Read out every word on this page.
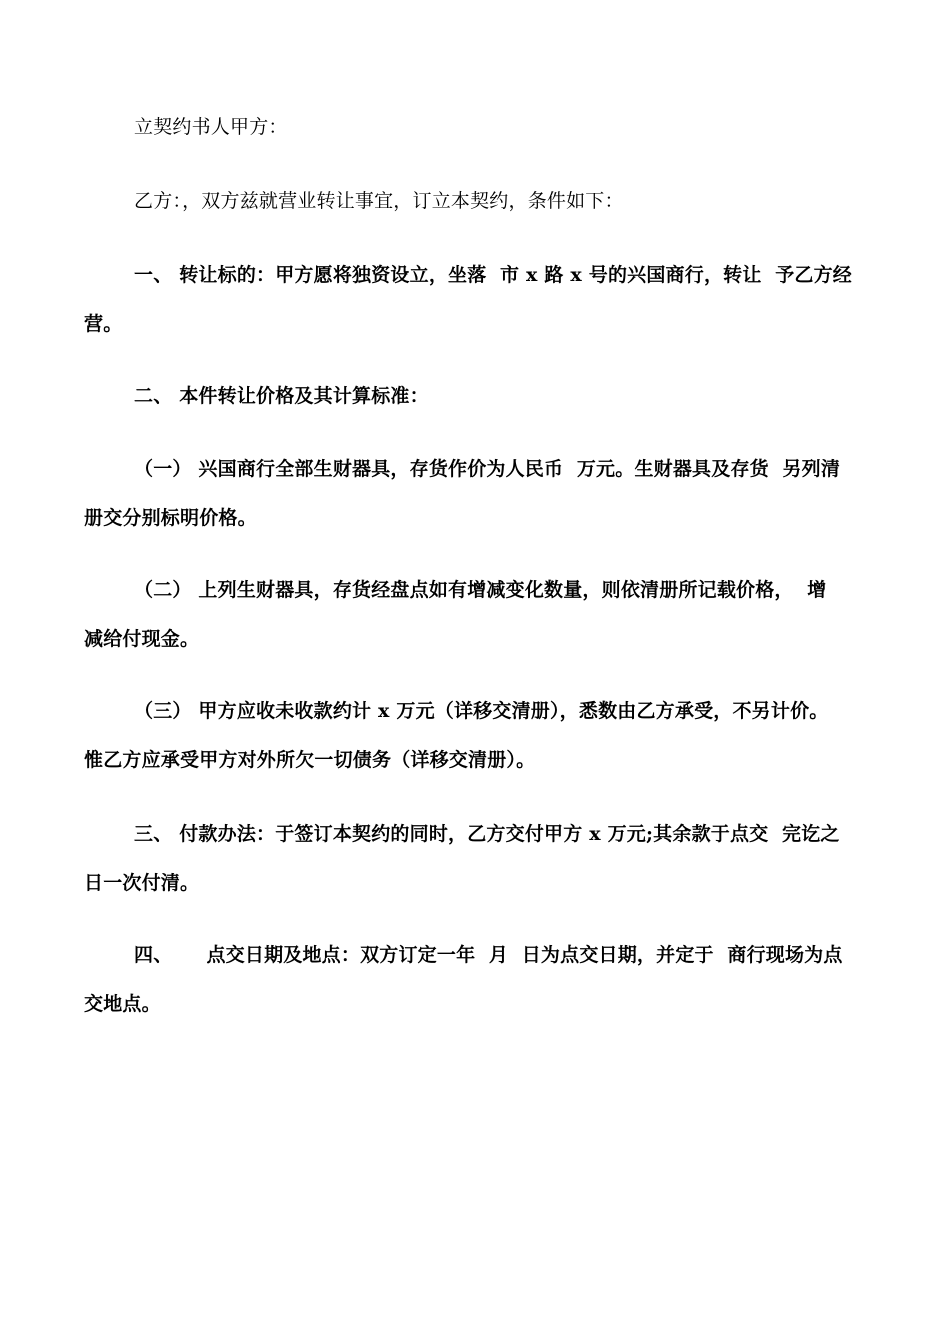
立契约书人甲方：
乙方：，双方兹就营业转让事宜，订立本契约，条件如下：
一、 转让标的：甲方愿将独资设立，坐落  市 x 路 x 号的兴国商行，转让  予乙方经
营。
二、 本件转让价格及其计算标准：
（一） 兴国商行全部生财器具，存货作价为人民币  万元。生财器具及存货  另列清
册交分别标明价格。
（二） 上列生财器具，存货经盘点如有增减变化数量，则依清册所记载价格，  增
减给付现金。
（三） 甲方应收未收款约计 x 万元（详移交清册），悉数由乙方承受，不另计价。
惟乙方应承受甲方对外所欠一切债务（详移交清册）。
三、 付款办法：于签订本契约的同时，乙方交付甲方 x 万元;其余款于点交  完讫之
日一次付清。
四、     点交日期及地点：双方订定一年  月  日为点交日期，并定于  商行现场为点
交地点。
